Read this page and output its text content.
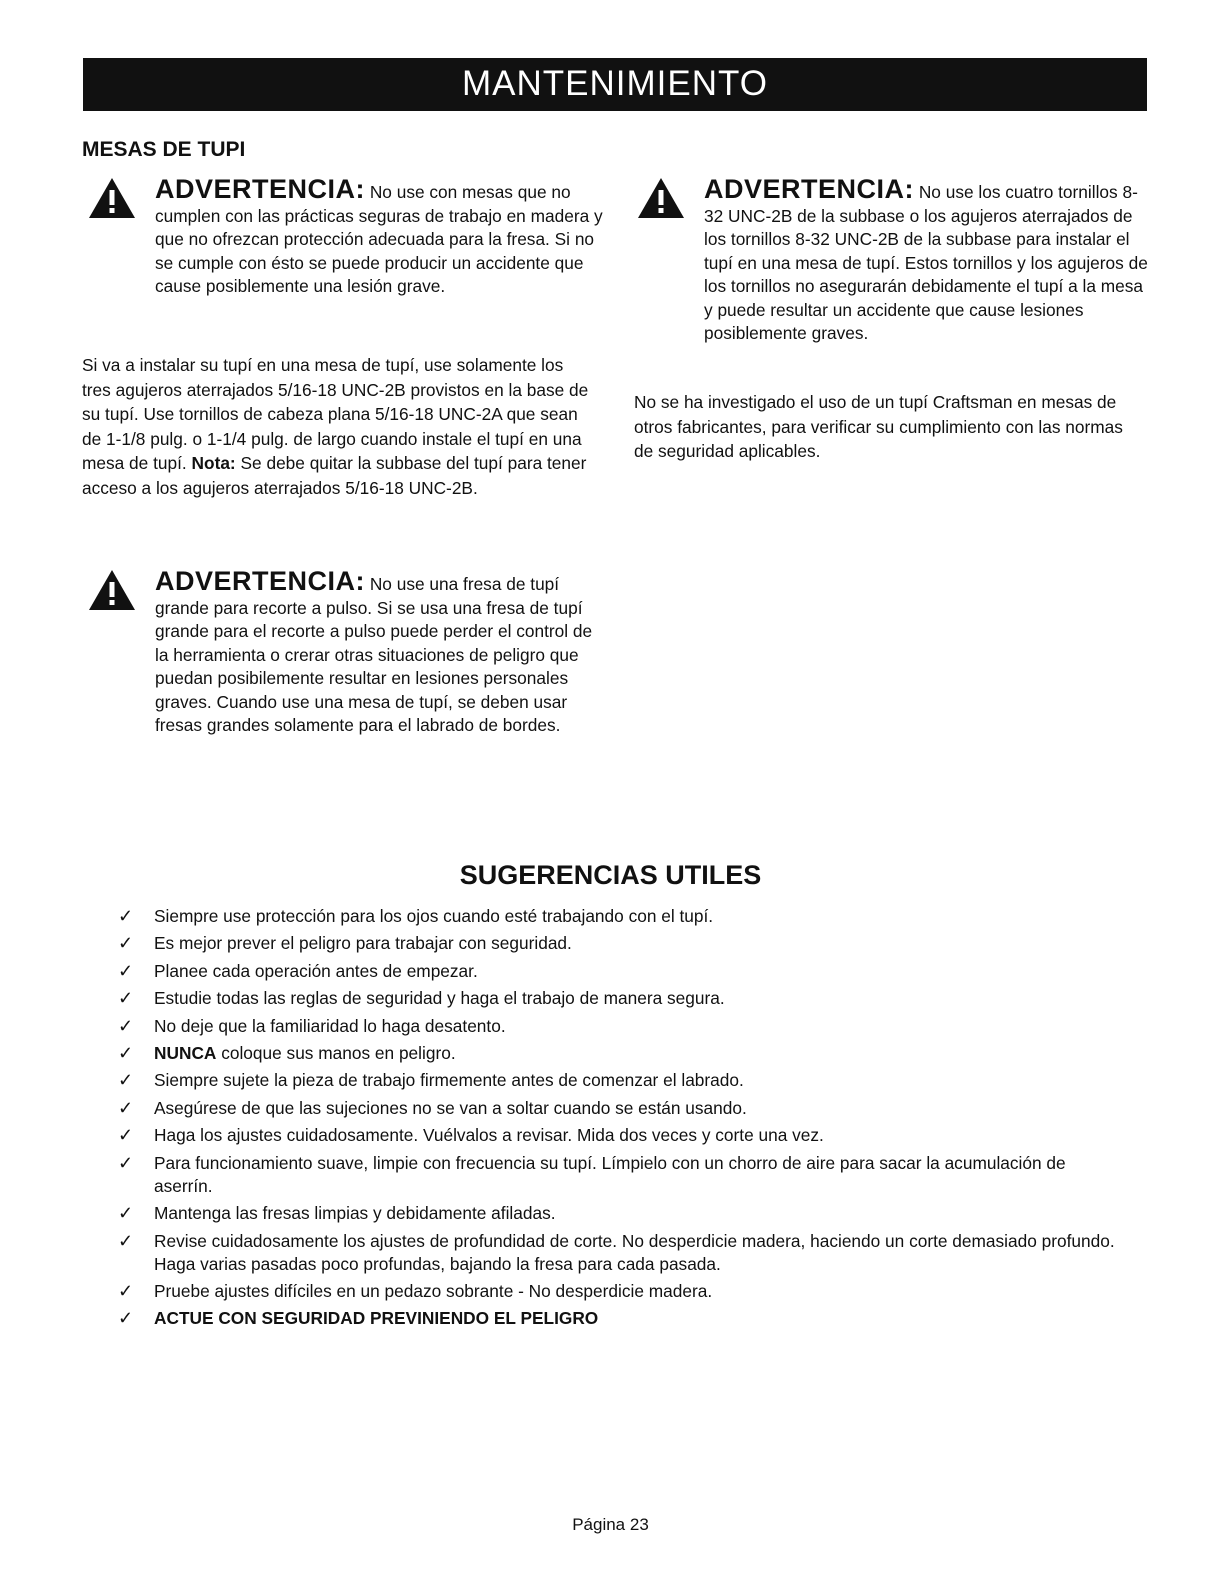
MANTENIMIENTO
MESAS DE TUPI
ADVERTENCIA: No use con mesas que no cumplen con las prácticas seguras de trabajo en madera y que no ofrezcan protección adecuada para la fresa. Si no se cumple con ésto se puede producir un accidente que cause posiblemente una lesión grave.

Si va a instalar su tupí en una mesa de tupí, use solamente los tres agujeros aterrajados 5/16-18 UNC-2B provistos en la base de su tupí. Use tornillos de cabeza plana 5/16-18 UNC-2A que sean de 1-1/8 pulg. o 1-1/4 pulg. de largo cuando instale el tupí en una mesa de tupí. Nota: Se debe quitar la subbase del tupí para tener acceso a los agujeros aterrajados 5/16-18 UNC-2B.

ADVERTENCIA: No use una fresa de tupí grande para recorte a pulso. Si se usa una fresa de tupí grande para el recorte a pulso puede perder el control de la herramienta o crerar otras situaciones de peligro que puedan posibilemente resultar en lesiones personales graves. Cuando use una mesa de tupí, se deben usar fresas grandes solamente para el labrado de bordes.
ADVERTENCIA: No use los cuatro tornillos 8-32 UNC-2B de la subbase o los agujeros aterrajados de los tornillos 8-32 UNC-2B de la subbase para instalar el tupí en una mesa de tupí. Estos tornillos y los agujeros de los tornillos no asegurarán debidamente el tupí a la mesa y puede resultar un accidente que cause lesiones posiblemente graves.

No se ha investigado el uso de un tupí Craftsman en mesas de otros fabricantes, para verificar su cumplimiento con las normas de seguridad aplicables.

SUGERENCIAS UTILES
✓ Siempre use protección para los ojos cuando esté trabajando con el tupí.
✓ Es mejor prever el peligro para trabajar con seguridad.
✓ Planee cada operación antes de empezar.
✓ Estudie todas las reglas de seguridad y haga el trabajo de manera segura.
✓ No deje que la familiaridad lo haga desatento.
✓ NUNCA coloque sus manos en peligro.
✓ Siempre sujete la pieza de trabajo firmemente antes de comenzar el labrado.
✓ Asegúrese de que las sujeciones no se van a soltar cuando se están usando.
✓ Haga los ajustes cuidadosamente. Vuélvalos a revisar. Mida dos veces y corte una vez.
✓ Para funcionamiento suave, limpie con frecuencia su tupí. Límpielo con un chorro de aire para sacar la acumulación de aserrín.
✓ Mantenga las fresas limpias y debidamente afiladas.
✓ Revise cuidadosamente los ajustes de profundidad de corte. No desperdicie madera, haciendo un corte demasiado profundo. Haga varias pasadas poco profundas, bajando la fresa para cada pasada.
✓ Pruebe ajustes difíciles en un pedazo sobrante - No desperdicie madera.
✓ ACTUE CON SEGURIDAD PREVINIENDO EL PELIGRO
Página 23
